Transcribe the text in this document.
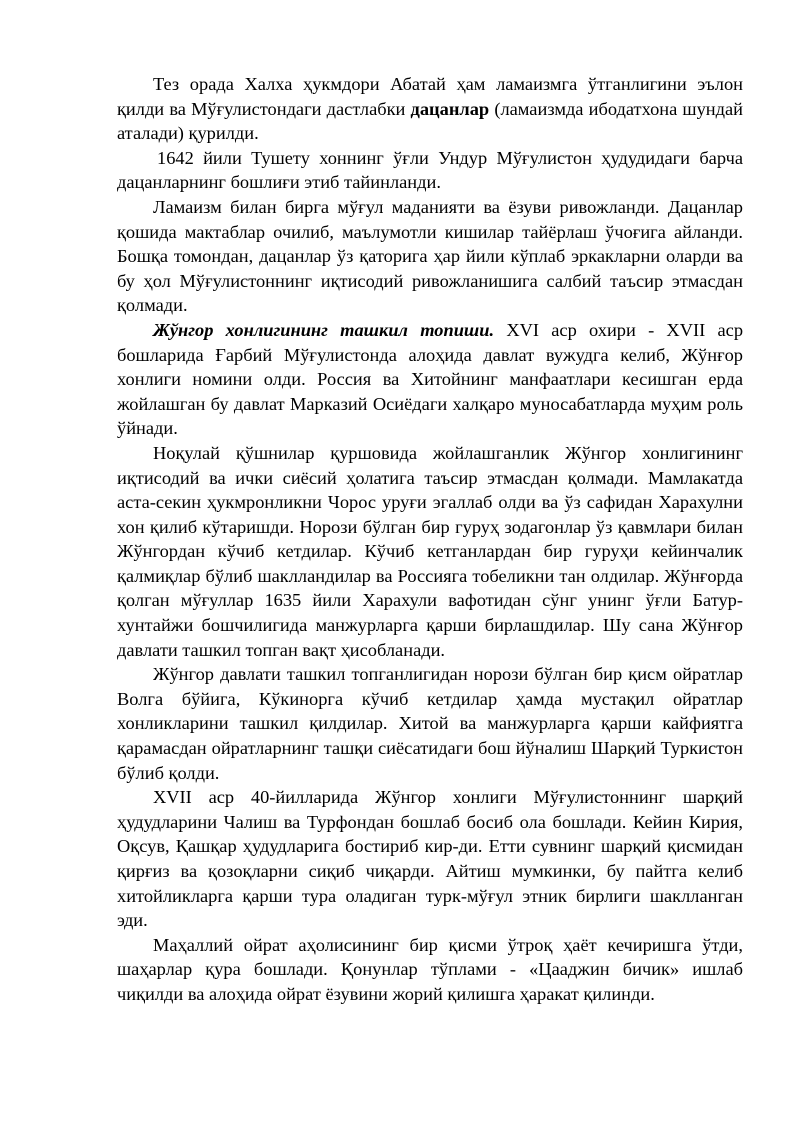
Тез орада Халха ҳукмдори Абатай ҳам ламаизмга ўтганлигини эълон қилди ва Мўғулистондаги дастлабки дацанлар (ламаизмда ибодатхона шундай аталади) қурилди.

1642 йили Тушету хоннинг ўғли Ундур Мўғулистон ҳудудидаги барча дацанларнинг бошлиғи этиб тайинланди.

Ламаизм билан бирга мўғул маданияти ва ёзуви ривожланди. Дацанлар қошида мактаблар очилиб, маълумотли кишилар тайёрлаш ўчоғига айланди. Бошқа томондан, дацанлар ўз қаторига ҳар йили кўплаб эркакларни оларди ва бу ҳол Мўғулистоннинг иқтисодий ривожланишига салбий таъсир этмасдан қолмади.

Жўнгор хонлигининг ташкил топиши. XVI аср охири - XVII аср бошларида Ғарбий Мўғулистонда алоҳида давлат вужудга келиб, Жўнғор хонлиги номини олди. Россия ва Хитойнинг манфаатлари кесишган ерда жойлашган бу давлат Марказий Осиёдаги халқаро муносабатларда муҳим роль ўйнади.

Ноқулай қўшнилар қуршовида жойлашганлик Жўнгор хонлигининг иқтисодий ва ички сиёсий ҳолатига таъсир этмасдан қолмади. Мамлакатда аста-секин ҳукмронликни Чорос уруғи эгаллаб олди ва ўз сафидан Харахулни хон қилиб кўтаришди. Норози бўлган бир гуруҳ зодагонлар ўз қавмлари билан Жўнгордан кўчиб кетдилар. Кўчиб кетганлардан бир гуруҳи кейинчалик қалмиқлар бўлиб шаклландилар ва Россияга тобеликни тан олдилар. Жўнғорда қолган мўғуллар 1635 йили Харахули вафотидан сўнг унинг ўғли Батур-хунтайжи бошчилигида манжурларга қарши бирлашдилар. Шу сана Жўнғор давлати ташкил топган вақт ҳисобланади.

Жўнгор давлати ташкил топганлигидан норози бўлган бир қисм ойратлар Волга бўйига, Кўкинорга кўчиб кетдилар ҳамда мустақил ойратлар хонликларини ташкил қилдилар. Хитой ва манжурларга қарши кайфиятга қарамасдан ойратларнинг ташқи сиёсатидаги бош йўналиш Шарқий Туркистон бўлиб қолди.

XVII аср 40-йилларида Жўнгор хонлиги Мўғулистоннинг шарқий ҳудудларини Чалиш ва Турфондан бошлаб босиб ола бошлади. Кейин Кирия, Оқсув, Қашқар ҳудудларига бостириб кир-ди. Етти сувнинг шарқий қисмидан қирғиз ва қозоқларни сиқиб чиқарди. Айтиш мумкинки, бу пайтга келиб хитойликларга қарши тура оладиган турк-мўғул этник бирлиги шаклланган эди.

Маҳаллий ойрат аҳолисининг бир қисми ўтроқ ҳаёт кечиришга ўтди, шаҳарлар қура бошлади. Қонунлар тўплами - «Цааджин бичик» ишлаб чиқилди ва алоҳида ойрат ёзувини жорий қилишга ҳаракат қилинди.
